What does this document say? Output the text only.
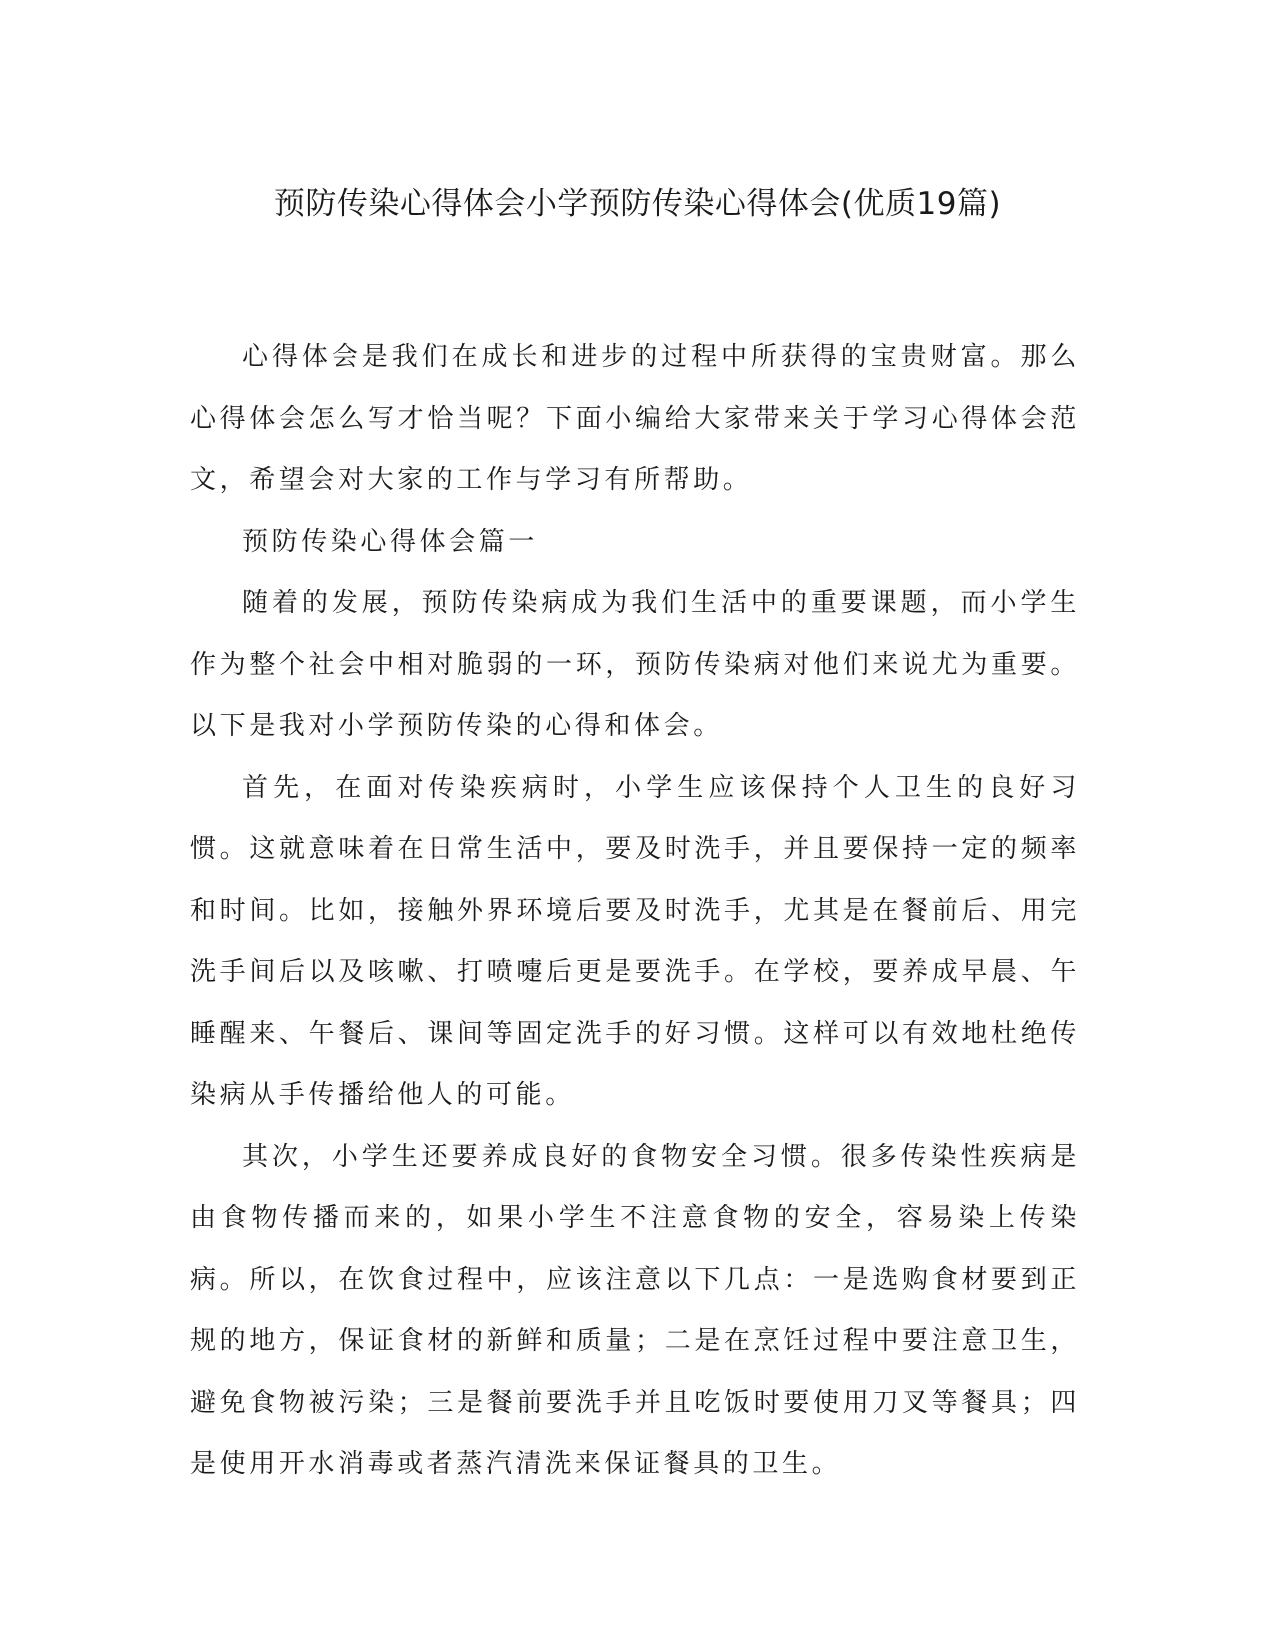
预防传染心得体会小学预防传染心得体会(优质19篇)

心得体会是我们在成长和进步的过程中所获得的宝贵财富。那么心得体会怎么写才恰当呢？下面小编给大家带来关于学习心得体会范文，希望会对大家的工作与学习有所帮助。

预防传染心得体会篇一

随着的发展，预防传染病成为我们生活中的重要课题，而小学生作为整个社会中相对脆弱的一环，预防传染病对他们来说尤为重要。以下是我对小学预防传染的心得和体会。

首先，在面对传染疾病时，小学生应该保持个人卫生的良好习惯。这就意味着在日常生活中，要及时洗手，并且要保持一定的频率和时间。比如，接触外界环境后要及时洗手，尤其是在餐前后、用完洗手间后以及咳嗽、打喷嚏后更是要洗手。在学校，要养成早晨、午睡醒来、午餐后、课间等固定洗手的好习惯。这样可以有效地杜绝传染病从手传播给他人的可能。

其次，小学生还要养成良好的食物安全习惯。很多传染性疾病是由食物传播而来的，如果小学生不注意食物的安全，容易染上传染病。所以，在饮食过程中，应该注意以下几点：一是选购食材要到正规的地方，保证食材的新鲜和质量；二是在烹饪过程中要注意卫生，避免食物被污染；三是餐前要洗手并且吃饭时要使用刀叉等餐具；四是使用开水消毒或者蒸汽清洗来保证餐具的卫生。
